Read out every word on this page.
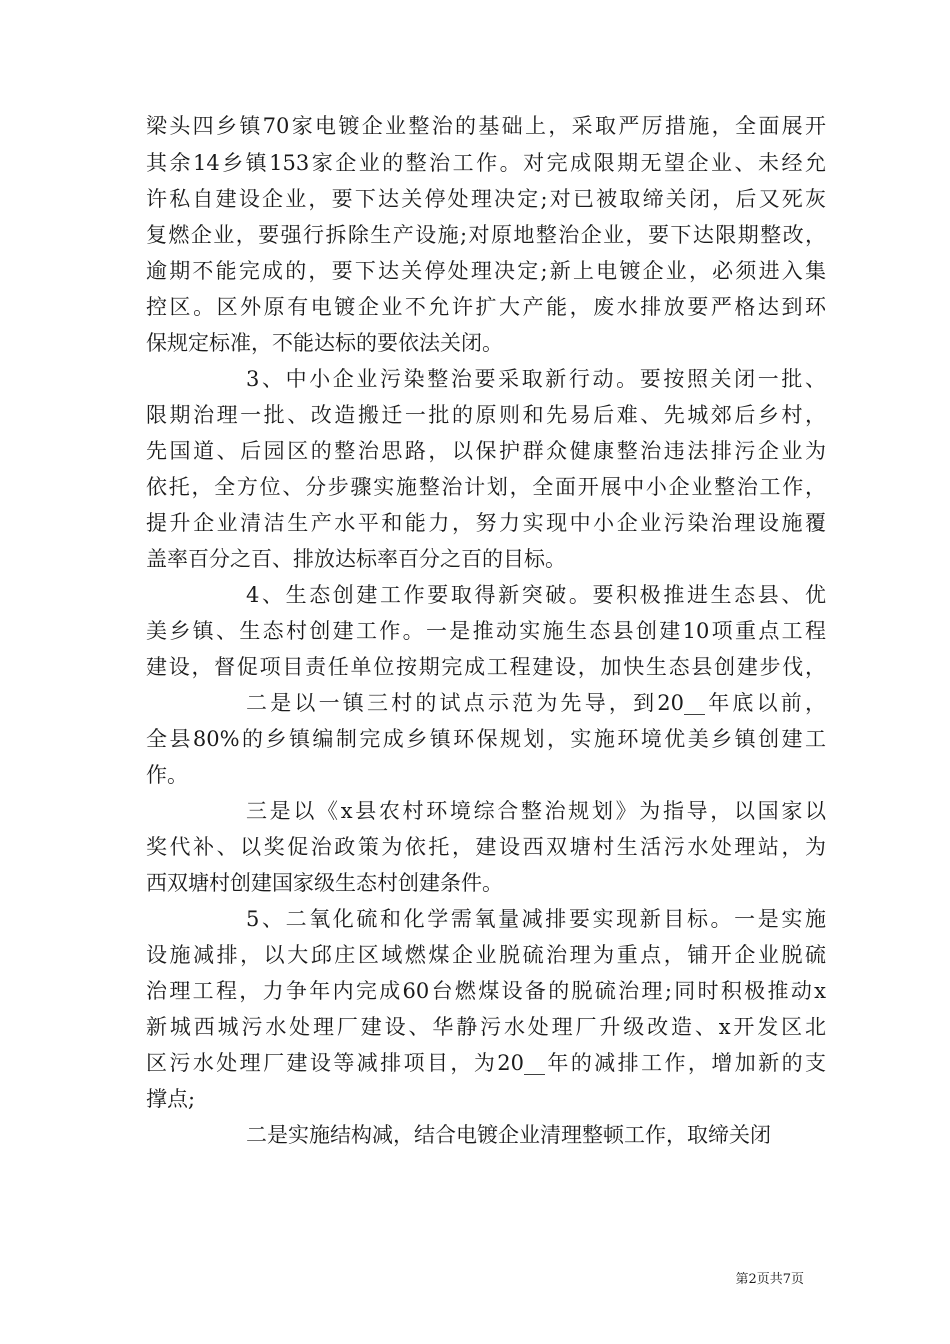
梁头四乡镇70家电镀企业整治的基础上，采取严厉措施，全面展开
其余14乡镇153家企业的整治工作。对完成限期无望企业、未经允
许私自建设企业，要下达关停处理决定;对已被取缔关闭，后又死灰
复燃企业，要强行拆除生产设施;对原地整治企业，要下达限期整改，
逾期不能完成的，要下达关停处理决定;新上电镀企业，必须进入集
控区。区外原有电镀企业不允许扩大产能，废水排放要严格达到环
保规定标准，不能达标的要依法关闭。
3、中小企业污染整治要采取新行动。要按照关闭一批、
限期治理一批、改造搬迁一批的原则和先易后难、先城郊后乡村，
先国道、后园区的整治思路，以保护群众健康整治违法排污企业为
依托，全方位、分步骤实施整治计划，全面开展中小企业整治工作，
提升企业清洁生产水平和能力，努力实现中小企业污染治理设施覆
盖率百分之百、排放达标率百分之百的目标。
4、生态创建工作要取得新突破。要积极推进生态县、优
美乡镇、生态村创建工作。一是推动实施生态县创建10项重点工程
建设，督促项目责任单位按期完成工程建设，加快生态县创建步伐，
二是以一镇三村的试点示范为先导，到20__年底以前，
全县80%的乡镇编制完成乡镇环保规划，实施环境优美乡镇创建工
作。
三是以《x县农村环境综合整治规划》为指导，以国家以
奖代补、以奖促治政策为依托，建设西双塘村生活污水处理站，为
西双塘村创建国家级生态村创建条件。
5、二氧化硫和化学需氧量减排要实现新目标。一是实施
设施减排，以大邱庄区域燃煤企业脱硫治理为重点，铺开企业脱硫
治理工程，力争年内完成60台燃煤设备的脱硫治理;同时积极推动x
新城西城污水处理厂建设、华静污水处理厂升级改造、x开发区北
区污水处理厂建设等减排项目，为20__年的减排工作，增加新的支
撑点;
二是实施结构减，结合电镀企业清理整顿工作，取缔关闭
第2页共7页
